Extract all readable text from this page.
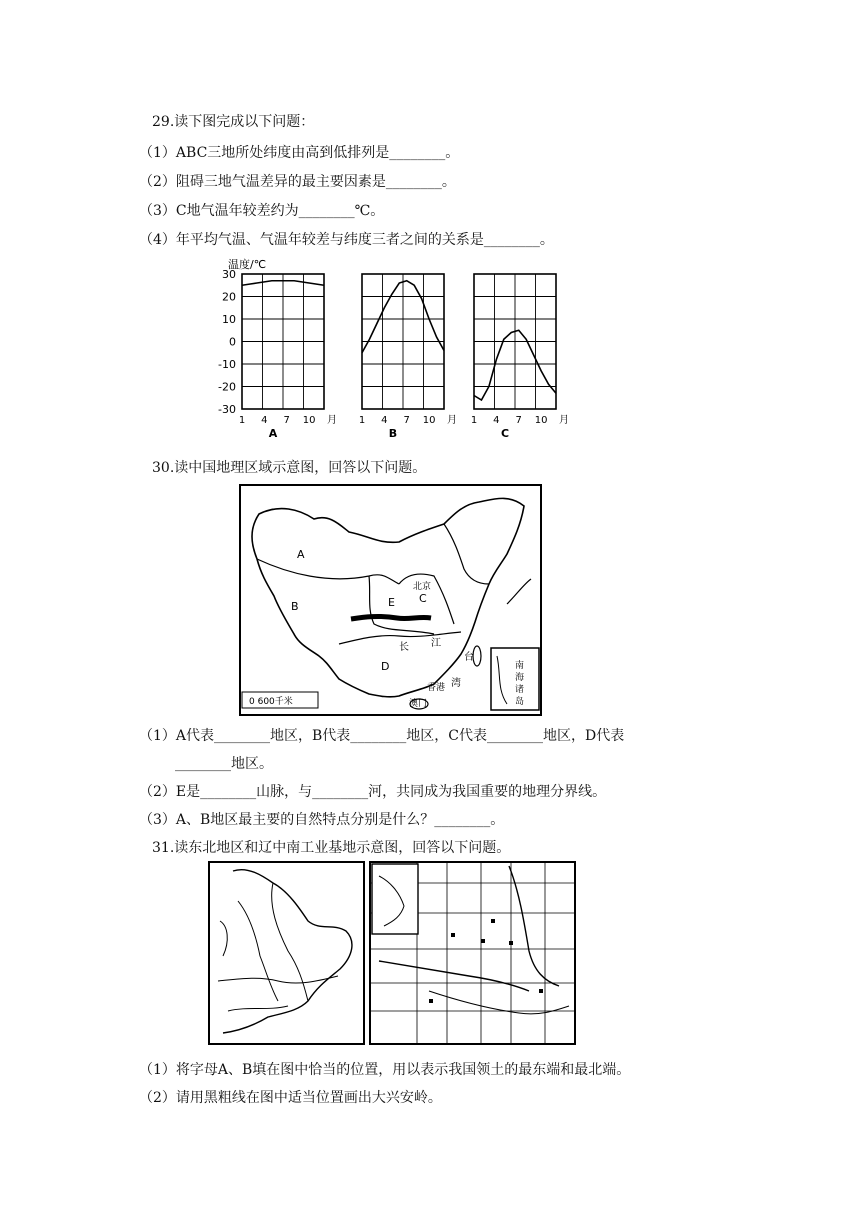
29.读下图完成以下问题：
（1）ABC三地所处纬度由高到低排列是________。
（2）阻碍三地气温差异的最主要因素是________。
（3）C地气温年较差约为________℃。
（4）年平均气温、气温年较差与纬度三者之间的关系是________。
温度/℃
30
20
10
0
-10
-20
-30
1 4 7 10 月
A
1 4 7 10 月
B
1 4 7 10 月
C
30.读中国地理区域示意图，回答以下问题。
南
海
诸
岛
0 600千米
A
B
C
D
E
北京
长 江
台
湾
香港
澳门
（1）A代表________地区，B代表________地区，C代表________地区，D代表
________地区。
（2）E是________山脉，与________河，共同成为我国重要的地理分界线。
（3）A、B地区最主要的自然特点分别是什么？________。
31.读东北地区和辽中南工业基地示意图，回答以下问题。
（1）将字母A、B填在图中恰当的位置，用以表示我国领土的最东端和最北端。
（2）请用黑粗线在图中适当位置画出大兴安岭。
